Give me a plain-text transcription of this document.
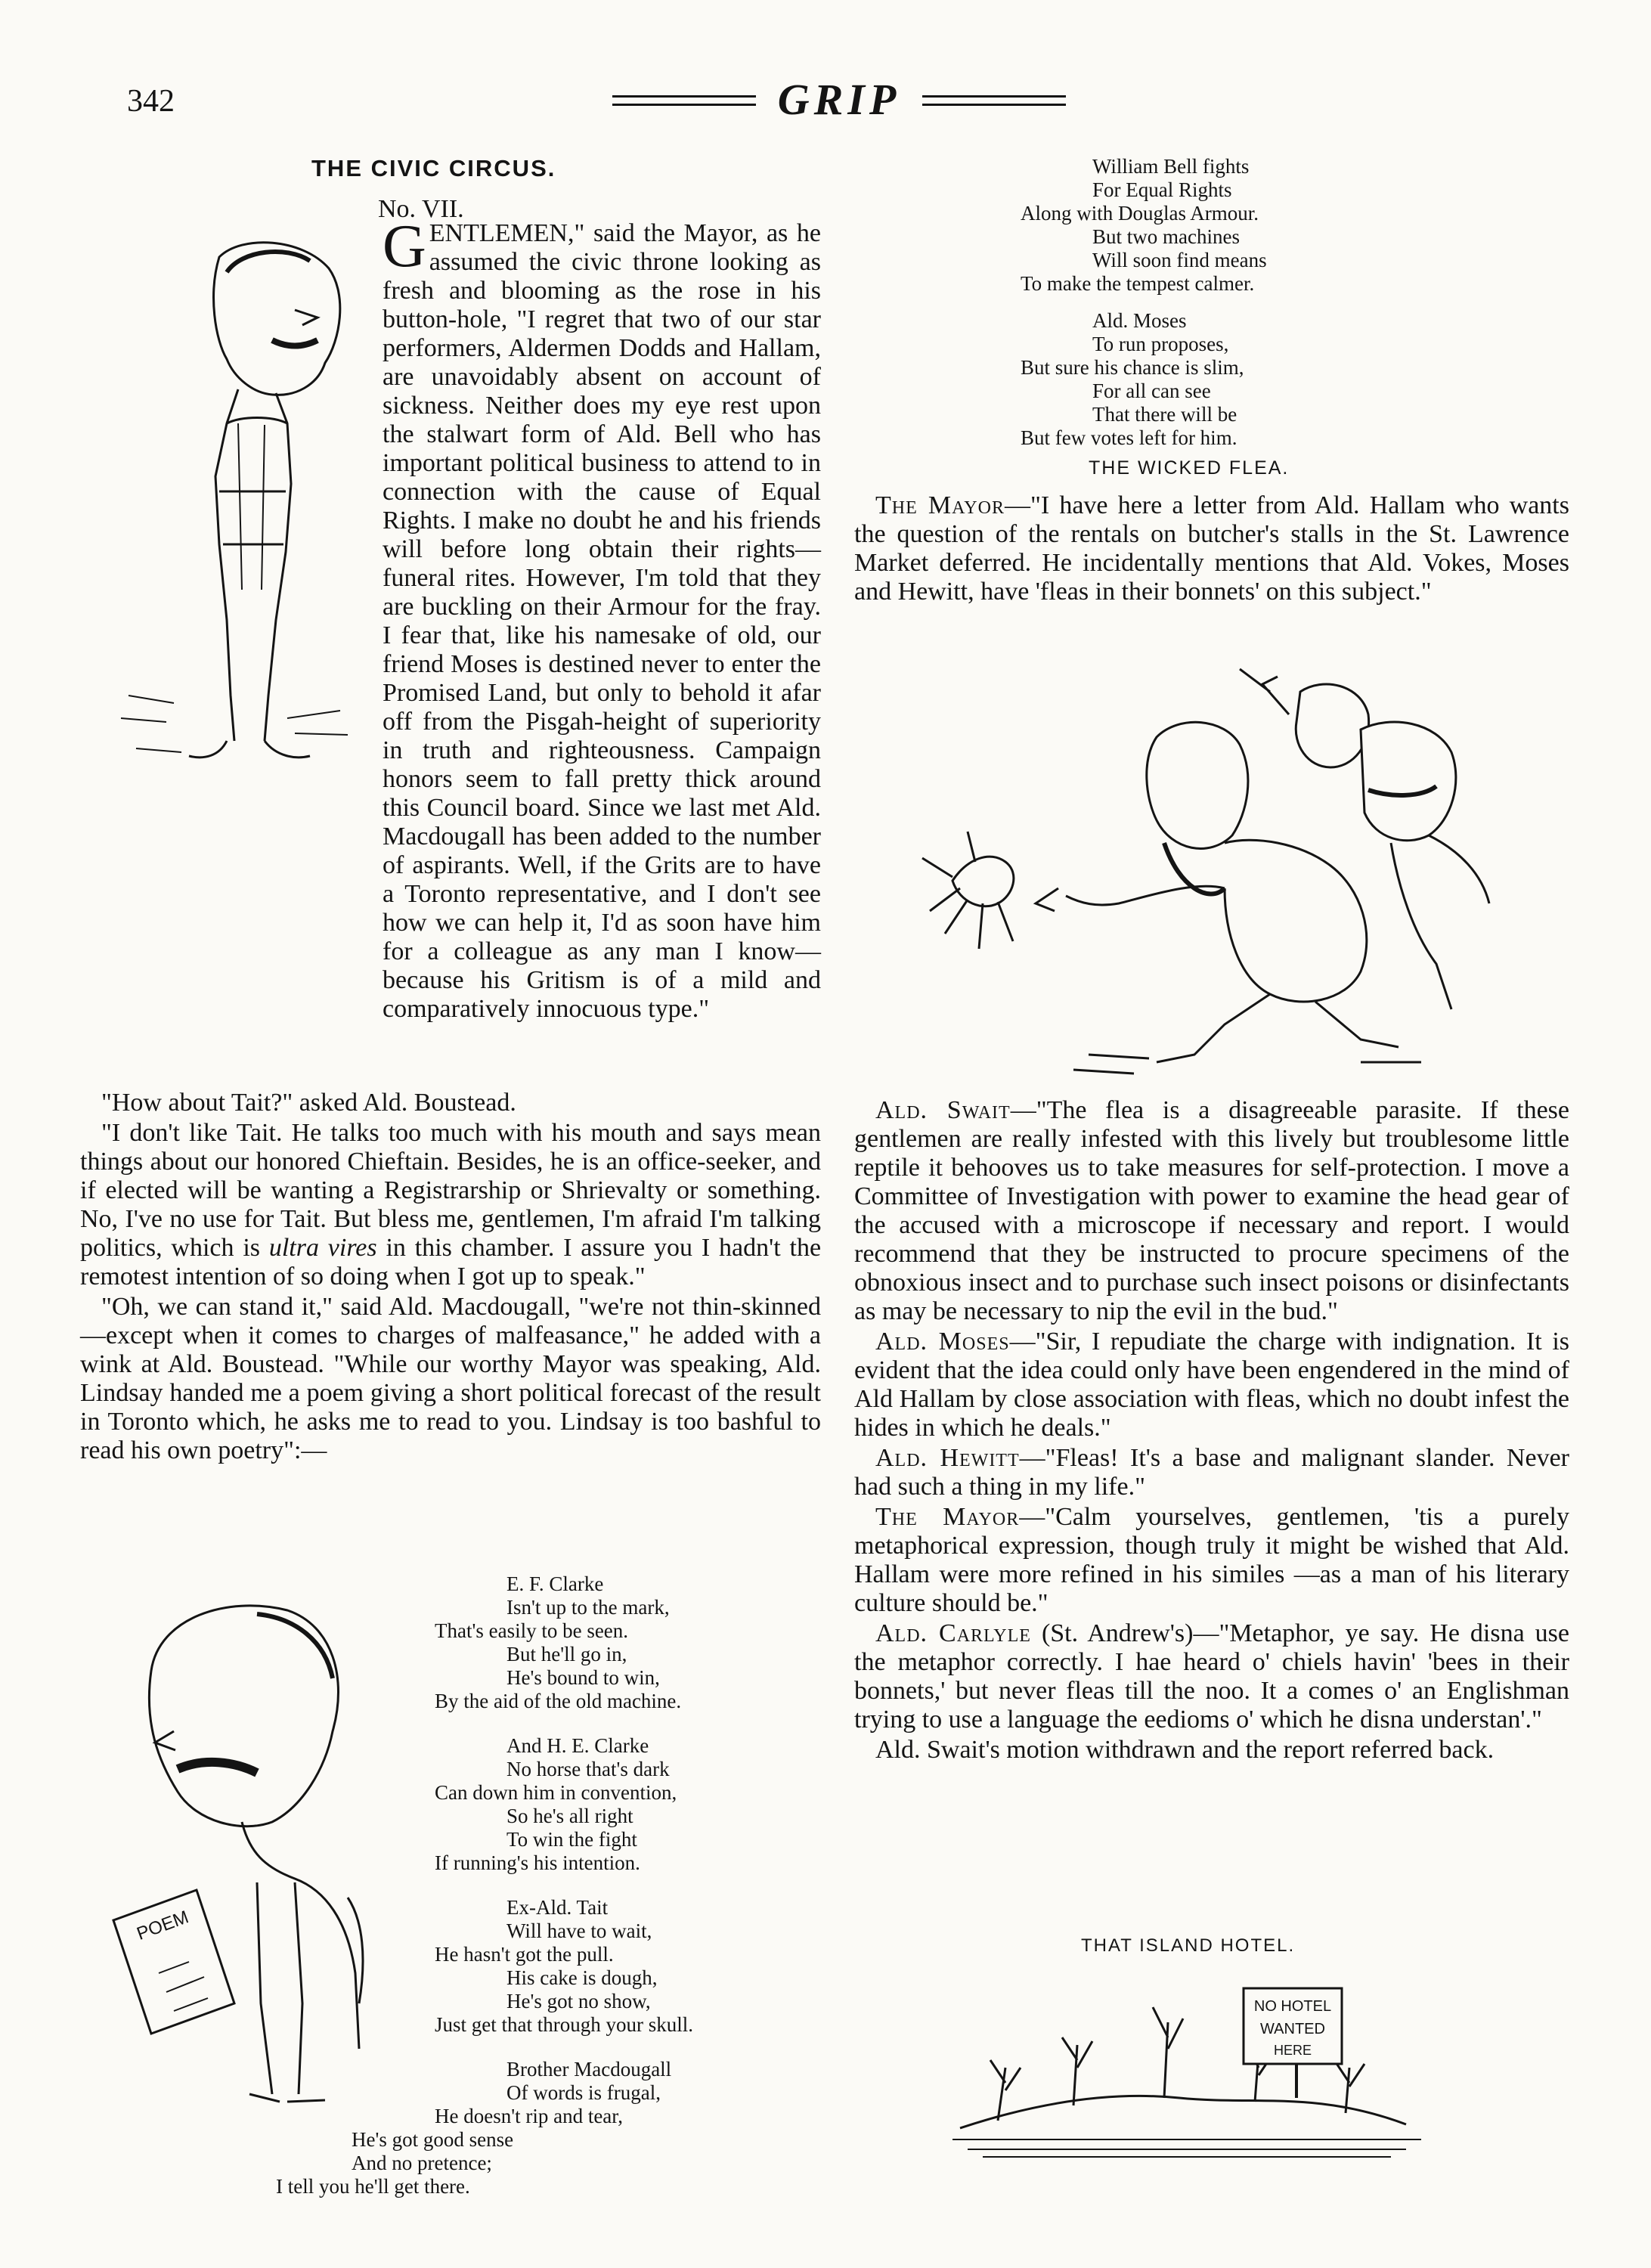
342	GRIP
THE CIVIC CIRCUS.
No. VII.

GENTLEMEN," said the Mayor, as he assumed the civic throne looking as fresh and blooming as the rose in his button-hole, "I regret that two of our star performers, Aldermen Dodds and Hallam, are unavoidably absent on account of sickness. Neither does my eye rest upon the stalwart form of Ald. Bell who has important political business to attend to in connection with the cause of Equal Rights. I make no doubt he and his friends will before long obtain their rights—funeral rites. However, I'm told that they are buckling on their Armour for the fray. I fear that, like his namesake of old, our friend Moses is destined never to enter the Promised Land, but only to behold it afar off from the Pisgah-height of superiority in truth and righteousness. Campaign honors seem to fall pretty thick around this Council board. Since we last met Ald. Macdougall has been added to the number of aspirants. Well, if the Grits are to have a Toronto representative, and I don't see how we can help it, I'd as soon have him for a colleague as any man I know—because his Gritism is of a mild and comparatively innocuous type."

"How about Tait?" asked Ald. Boustead.

"I don't like Tait. He talks too much with his mouth and says mean things about our honored Chieftain. Besides, he is an office-seeker, and if elected will be wanting a Registrarship or Shrievalty or something. No, I've no use for Tait. But bless me, gentlemen, I'm afraid I'm talking politics, which is ultra vires in this chamber. I assure you I hadn't the remotest intention of so doing when I got up to speak."

"Oh, we can stand it," said Ald. Macdougall, "we're not thin-skinned—except when it comes to charges of malfeasance," he added with a wink at Ald. Boustead. "While our worthy Mayor was speaking, Ald. Lindsay handed me a poem giving a short political forecast of the result in Toronto which, he asks me to read to you. Lindsay is too bashful to read his own poetry":—

POEM
E. F. Clarke
Isn't up to the mark,
That's easily to be seen.
But he'll go in,
He's bound to win,
By the aid of the old machine.
And H. E. Clarke
No horse that's dark
Can down him in convention,
So he's all right
To win the fight
If running's his intention.
Ex-Ald. Tait
Will have to wait,
He hasn't got the pull.
His cake is dough,
He's got no show,
Just get that through your skull.
Brother Macdougall
Of words is frugal,
He doesn't rip and tear,
He's got good sense
And no pretence;
I tell you he'll get there.
William Bell fights
For Equal Rights
Along with Douglas Armour.
But two machines
Will soon find means
To make the tempest calmer.
Ald. Moses
To run proposes,
But sure his chance is slim,
For all can see
That there will be
But few votes left for him.
THE WICKED FLEA.

The Mayor—"I have here a letter from Ald. Hallam who wants the question of the rentals on butcher's stalls in the St. Lawrence Market deferred. He incidentally mentions that Ald. Vokes, Moses and Hewitt, have 'fleas in their bonnets' on this subject."

Ald. Swait—"The flea is a disagreeable parasite. If these gentlemen are really infested with this lively but troublesome little reptile it behooves us to take measures for self-protection. I move a Committee of Investigation with power to examine the head gear of the accused with a microscope if necessary and report. I would recommend that they be instructed to procure specimens of the obnoxious insect and to purchase such insect poisons or disinfectants as may be necessary to nip the evil in the bud."

Ald. Moses—"Sir, I repudiate the charge with indignation. It is evident that the idea could only have been engendered in the mind of Ald Hallam by close association with fleas, which no doubt infest the hides in which he deals."

Ald. Hewitt—"Fleas! It's a base and malignant slander. Never had such a thing in my life."

The Mayor—"Calm yourselves, gentlemen, 'tis a purely metaphorical expression, though truly it might be wished that Ald. Hallam were more refined in his similes —as a man of his literary culture should be."

Ald. Carlyle (St. Andrew's)—"Metaphor, ye say. He disna use the metaphor correctly. I hae heard o' chiels havin' 'bees in their bonnets,' but never fleas till the noo. It a comes o' an Englishman trying to use a language the eedioms o' which he disna understan'."

Ald. Swait's motion withdrawn and the report referred back.

THAT ISLAND HOTEL.
NO HOTEL
WANTED
HERE
